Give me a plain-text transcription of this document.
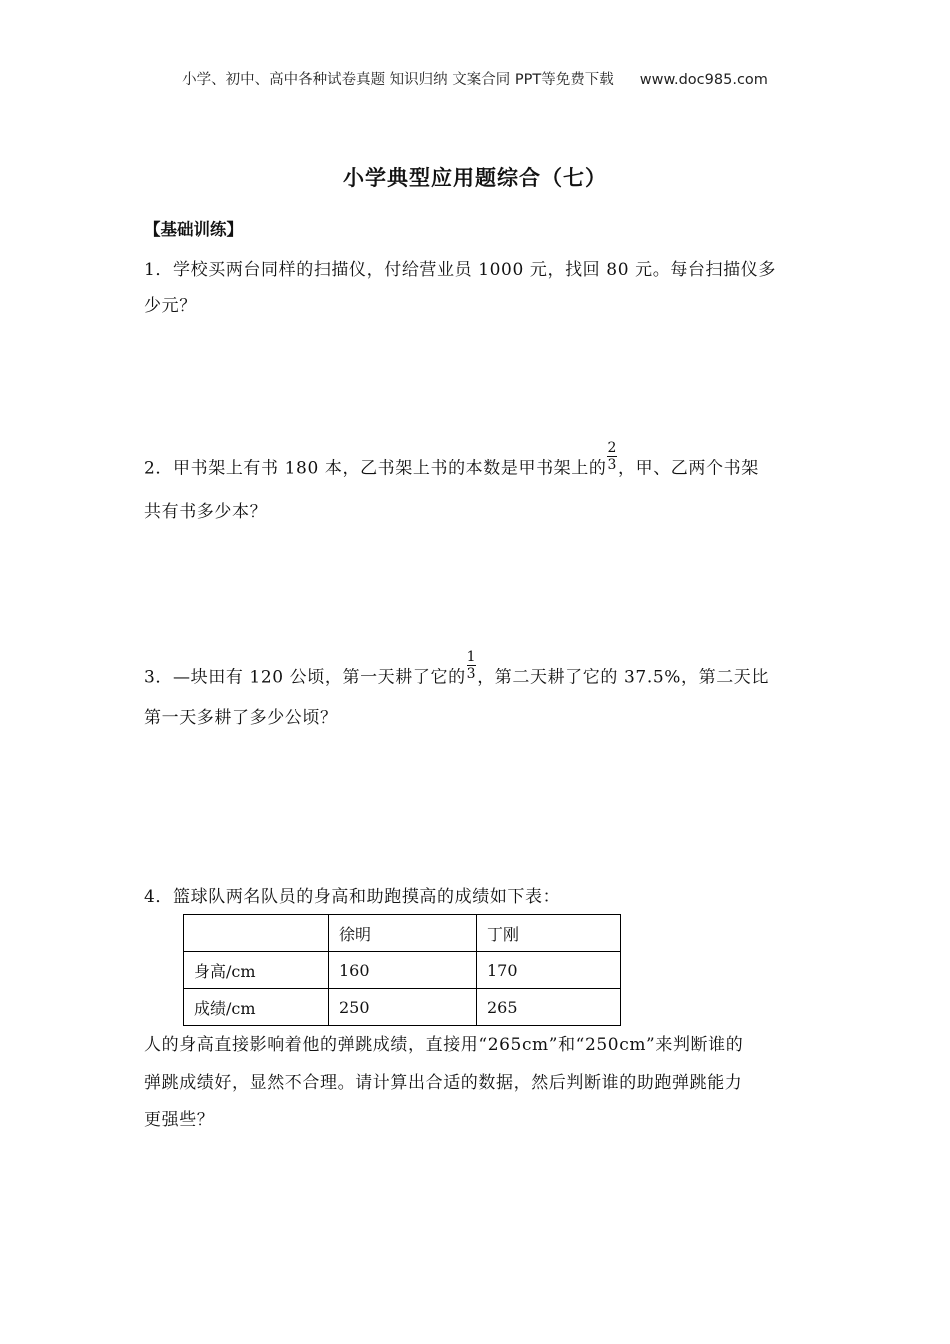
小学、初中、高中各种试卷真题 知识归纳 文案合同 PPT等免费下载 www.doc985.com
小学典型应用题综合（七）
【基础训练】
1．学校买两台同样的扫描仪，付给营业员 1000 元，找回 80 元。每台扫描仪多
少元？
2．甲书架上有书 180 本，乙书架上书的本数是甲书架上的 $\frac{2}{3}$ ，甲、乙两个书架
共有书多少本？
3．—块田有 120 公顷，第一天耕了它的 $\frac{1}{3}$ ，第二天耕了它的 37.5%，第二天比
第一天多耕了多少公顷？
4．篮球队两名队员的身高和助跑摸高的成绩如下表：
	徐明	丁刚
身高/cm	160	170
成绩/cm	250	265
人的身高直接影响着他的弹跳成绩，直接用“265cm”和“250cm”来判断谁的
弹跳成绩好，显然不合理。请计算出合适的数据，然后判断谁的助跑弹跳能力
更强些？
